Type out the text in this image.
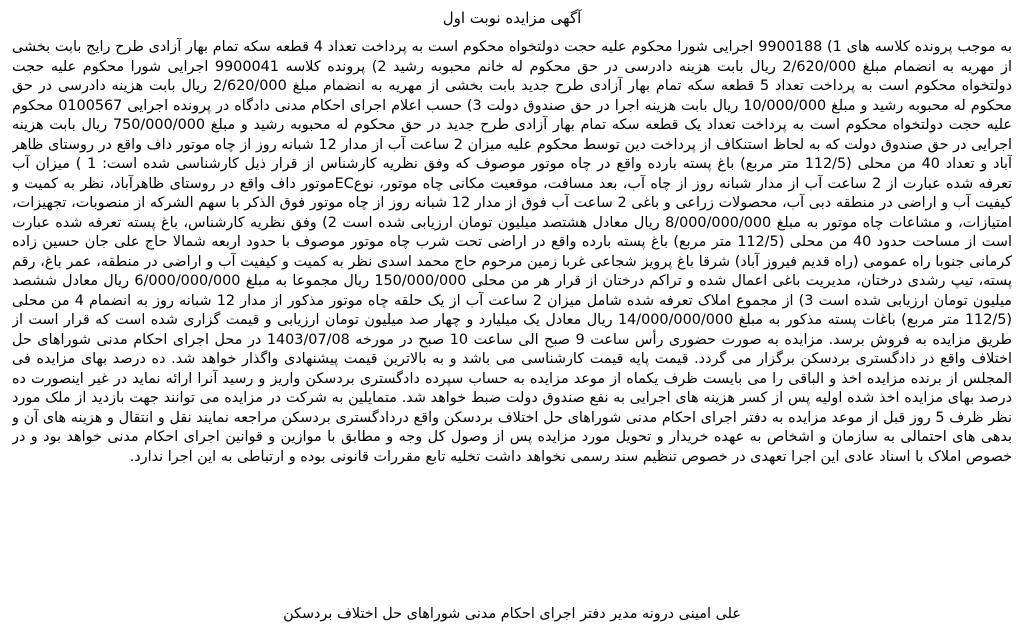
آگهی مزایده نوبت اول

به موجب پرونده کلاسه های 1) 9900188 اجرایی شورا محکوم علیه حجت دولتخواه محکوم است به پرداخت تعداد 4 قطعه سکه تمام بهار آزادی طرح رایج بابت بخشی از مهریه به انضمام مبلغ 2/620/000 ریال بابت هزینه دادرسی در حق محکوم له خانم محبوبه رشید 2) پرونده کلاسه 9900041 اجرایی شورا محکوم علیه حجت دولتخواه محکوم است به پرداخت تعداد 5 قطعه سکه تمام بهار آزادی طرح جدید بابت بخشی از مهریه به انضمام مبلغ 2/620/000 ریال بابت هزینه دادرسی در حق محکوم له محبوبه رشید و مبلغ 10/000/000 ریال بابت هزینه اجرا در حق صندوق دولت 3) حسب اعلام اجرای احکام مدنی دادگاه در پرونده اجرایی 0100567 محکوم علیه حجت دولتخواه محکوم است به پرداخت تعداد یک قطعه سکه تمام بهار آزادی طرح جدید در حق محکوم له محبوبه رشید و مبلغ 750/000/000 ریال بابت هزینه اجرایی در حق صندوق دولت که به لحاظ استنکاف از پرداخت دین توسط محکوم علیه میزان 2 ساعت آب از مدار 12 شبانه روز از چاه موتور داف واقع در روستای ظاهر آباد و تعداد 40 من محلی (112/5 متر مربع) باغ پسته بارده واقع در چاه موتور موصوف که وفق نظریه کارشناس از قرار ذیل کارشناسی شده است: 1 ) میزان آب تعرفه شده عبارت از 2 ساعت آب از مدار شبانه روز از چاه آب، بعد مسافت، موقعیت مکانی چاه موتور، نوعECموتور داف واقع در روستای ظاهرآباد، نظر به کمیت و کیفیت آب و اراضی در منطقه دبی آب، محصولات زراعی و باغی 2 ساعت آب فوق از مدار 12 شبانه روز از چاه موتور فوق الذکر با سهم الشرکه از منصوبات، تجهیزات، امتیازات، و مشاعات چاه موتور به مبلغ 8/000/000/000 ریال معادل هشتصد میلیون تومان ارزیابی شده است 2) وفق نظریه کارشناس، باغ پسته تعرفه شده عبارت است از مساحت حدود 40 من محلی (112/5 متر مربع) باغ پسته بارده واقع در اراضی تحت شرب چاه موتور موصوف با حدود اربعه شمالا حاج علی جان حسین زاده کرمانی جنوبا راه عمومی (راه قدیم فیروز آباد) شرقا باغ پرویز شجاعی غربا زمین مرحوم حاج محمد اسدی نظر به کمیت و کیفیت آب و اراضی در منطقه، عمر باغ، رقم پسته، تیپ رشدی درختان، مدیریت باغی اعمال شده و تراکم درختان از قرار هر من محلی 150/000/000 ریال مجموعا به مبلغ 6/000/000/000 ریال معادل ششصد میلیون تومان ارزیابی شده است 3) از مجموع املاک تعرفه شده شامل میزان 2 ساعت آب از یک حلقه چاه موتور مذکور از مدار 12 شبانه روز به انضمام 4 من محلی (112/5 متر مربع) باغات پسته مذکور به مبلغ 14/000/000/000 ریال معادل یک میلیارد و چهار صد میلیون تومان ارزیابی و قیمت گزاری شده است که قرار است از طریق مزایده به فروش برسد. مزایده به صورت حضوری رأس ساعت 9 صبح الی ساعت 10 صبح در مورخه 1403/07/08 در محل اجرای احکام مدنی شوراهای حل اختلاف واقع در دادگستری بردسکن برگزار می گردد. قیمت پایه قیمت کارشناسی می باشد و به بالاترین قیمت پیشنهادی واگذار خواهد شد. ده درصد بهای مزایده فی المجلس از برنده مزایده اخذ و الباقی را می بایست ظرف یکماه از موعد مزایده به حساب سپرده دادگستری بردسکن واریز و رسید آنرا ارائه نماید در غیر اینصورت ده درصد بهای مزایده اخذ شده اولیه پس از کسر هزینه های اجرایی به نفع صندوق دولت ضبط خواهد شد. متمایلین به شرکت در مزایده می توانند جهت بازدید از ملک مورد نظر ظرف 5 روز قبل از موعد مزایده به دفتر اجرای احکام مدنی شوراهای حل اختلاف بردسکن واقع دردادگستری بردسکن مراجعه نمایند نقل و انتقال و هزینه های آن و بدهی های احتمالی به سازمان و اشخاص به عهده خریدار و تحویل مورد مزایده پس از وصول کل وجه و مطابق با موازین و قوانین اجرای احکام مدنی خواهد بود و در خصوص املاک با اسناد عادی این اجرا تعهدی در خصوص تنظیم سند رسمی نخواهد داشت تخلیه تابع مقررات قانونی بوده و ارتباطی به این اجرا ندارد.

علی امینی درونه مدیر دفتر اجرای احکام مدنی شوراهای حل اختلاف بردسکن
